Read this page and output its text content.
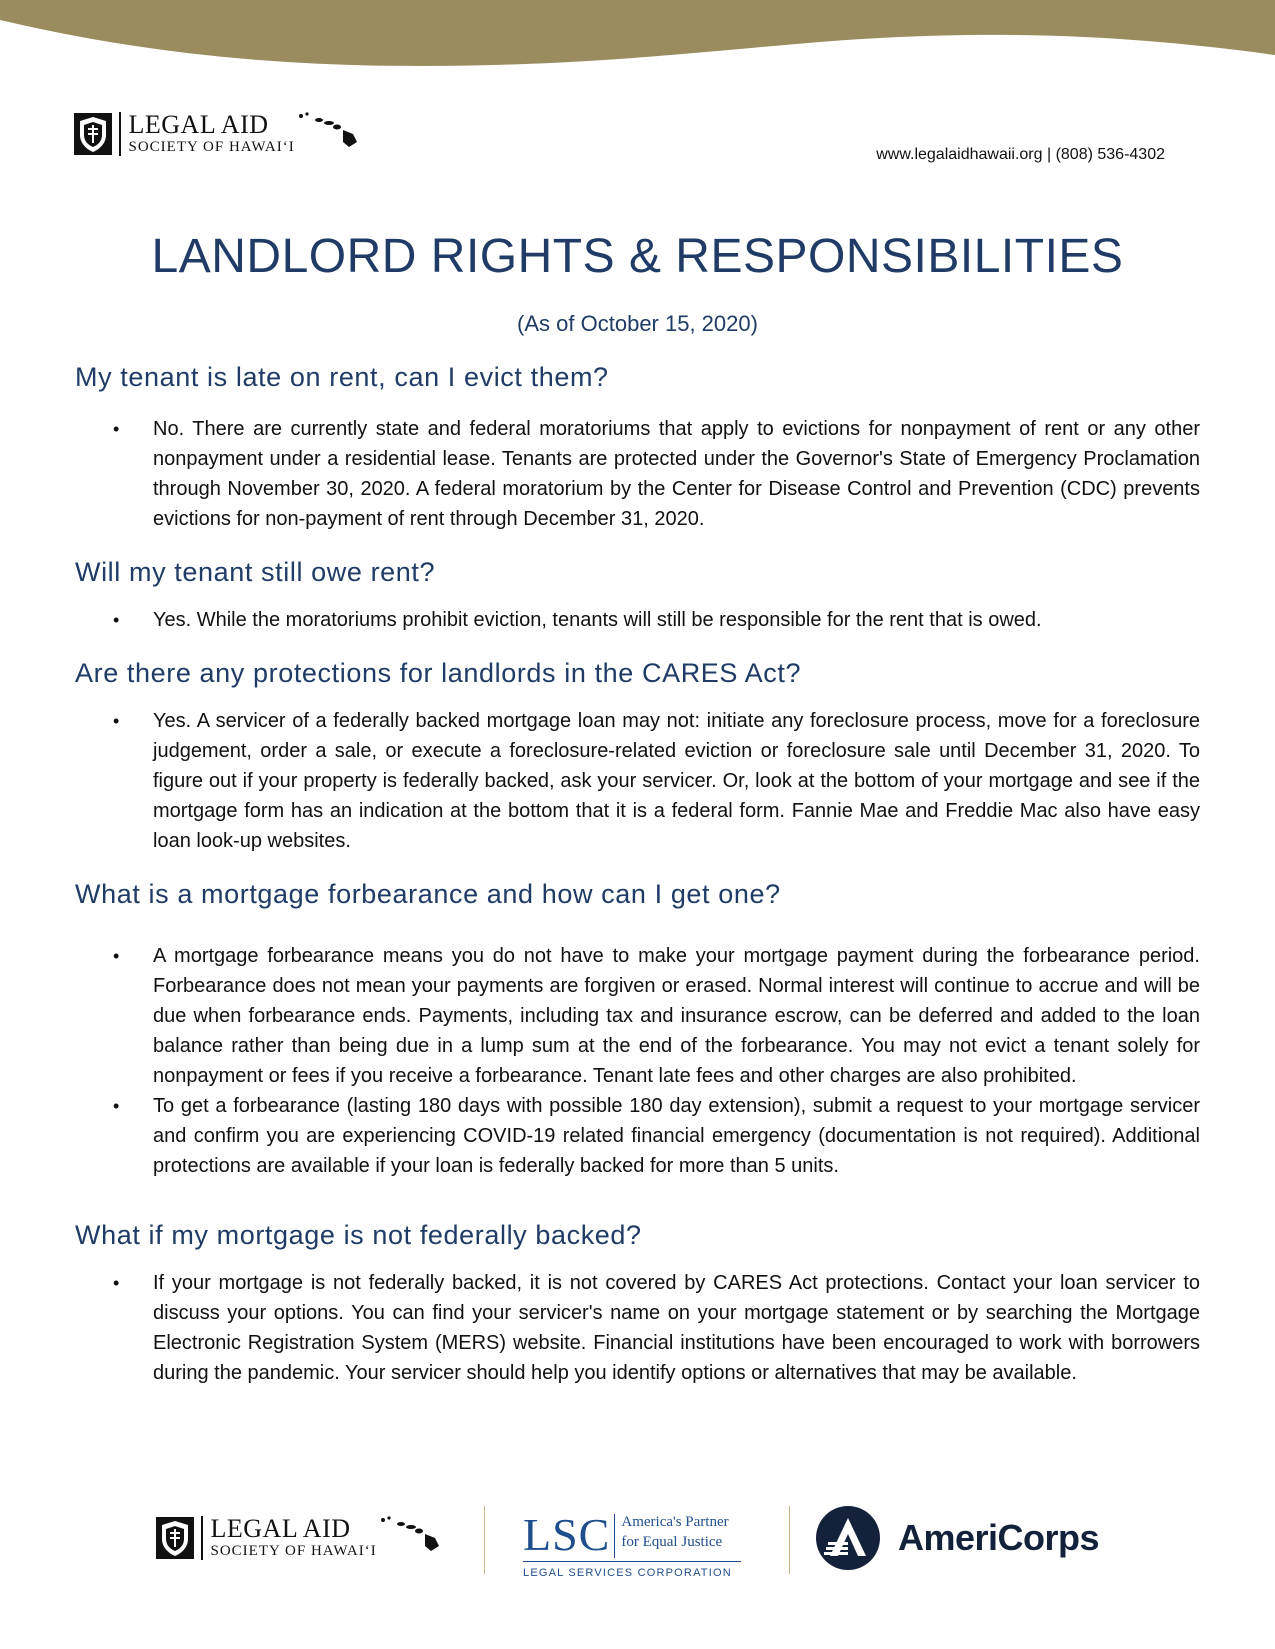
LEGAL AID
SOCIETY OF HAWAI‘I	www.legalaidhawaii.org | (808) 536-4302
LANDLORD RIGHTS & RESPONSIBILITIES
(As of October 15, 2020)
My tenant is late on rent, can I evict them?
• No. There are currently state and federal moratoriums that apply to evictions for nonpayment of rent or any other nonpayment under a residential lease. Tenants are protected under the Governor's State of Emergency Proclamation through November 30, 2020. A federal moratorium by the Center for Disease Control and Prevention (CDC) prevents evictions for non-payment of rent through December 31, 2020.
Will my tenant still owe rent?
• Yes. While the moratoriums prohibit eviction, tenants will still be responsible for the rent that is owed.
Are there any protections for landlords in the CARES Act?
• Yes. A servicer of a federally backed mortgage loan may not: initiate any foreclosure process, move for a foreclosure judgement, order a sale, or execute a foreclosure-related eviction or foreclosure sale until December 31, 2020. To figure out if your property is federally backed, ask your servicer. Or, look at the bottom of your mortgage and see if the mortgage form has an indication at the bottom that it is a federal form. Fannie Mae and Freddie Mac also have easy loan look-up websites.
What is a mortgage forbearance and how can I get one?
• A mortgage forbearance means you do not have to make your mortgage payment during the forbearance period. Forbearance does not mean your payments are forgiven or erased. Normal interest will continue to accrue and will be due when forbearance ends. Payments, including tax and insurance escrow, can be deferred and added to the loan balance rather than being due in a lump sum at the end of the forbearance. You may not evict a tenant solely for nonpayment or fees if you receive a forbearance. Tenant late fees and other charges are also prohibited.
• To get a forbearance (lasting 180 days with possible 180 day extension), submit a request to your mortgage servicer and confirm you are experiencing COVID-19 related financial emergency (documentation is not required). Additional protections are available if your loan is federally backed for more than 5 units.
What if my mortgage is not federally backed?
• If your mortgage is not federally backed, it is not covered by CARES Act protections. Contact your loan servicer to discuss your options. You can find your servicer's name on your mortgage statement or by searching the Mortgage Electronic Registration System (MERS) website. Financial institutions have been encouraged to work with borrowers during the pandemic. Your servicer should help you identify options or alternatives that may be available.
LEGAL AID
SOCIETY OF HAWAI‘I	LSC America's Partner
for Equal Justice
LEGAL SERVICES CORPORATION
AmeriCorps
